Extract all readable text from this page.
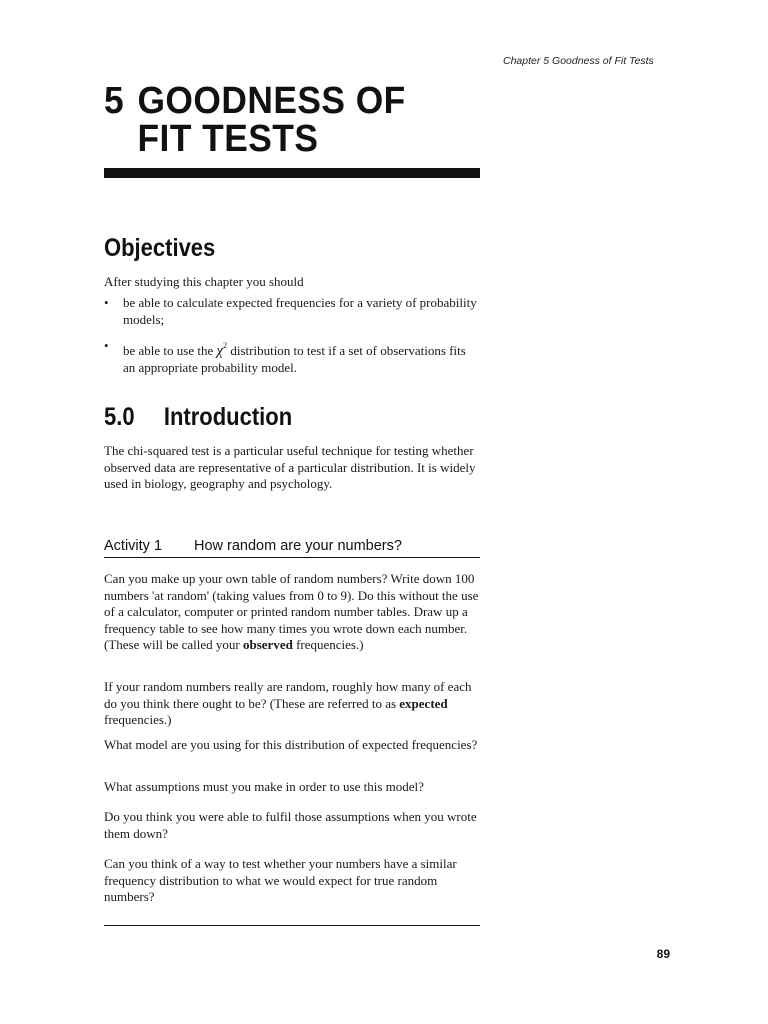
Chapter 5 Goodness of Fit Tests
5 GOODNESS OF
FIT TESTS
Objectives
After studying this chapter you should
•	be able to calculate expected frequencies for a variety of probability models;
•	be able to use the $\chi^2$ distribution to test if a set of observations fits an appropriate probability model.
5.0 Introduction
The chi-squared test is a particular useful technique for testing whether observed data are representative of a particular distribution. It is widely used in biology, geography and psychology.
Activity 1 How random are your numbers?
Can you make up your own table of random numbers? Write down 100 numbers 'at random' (taking values from 0 to 9). Do this without the use of a calculator, computer or printed random number tables. Draw up a frequency table to see how many times you wrote down each number. (These will be called your observed frequencies.)
If your random numbers really are random, roughly how many of each do you think there ought to be? (These are referred to as expected frequencies.)
What model are you using for this distribution of expected frequencies?
What assumptions must you make in order to use this model?
Do you think you were able to fulfil those assumptions when you wrote them down?
Can you think of a way to test whether your numbers have a similar frequency distribution to what we would expect for true random numbers?
89
